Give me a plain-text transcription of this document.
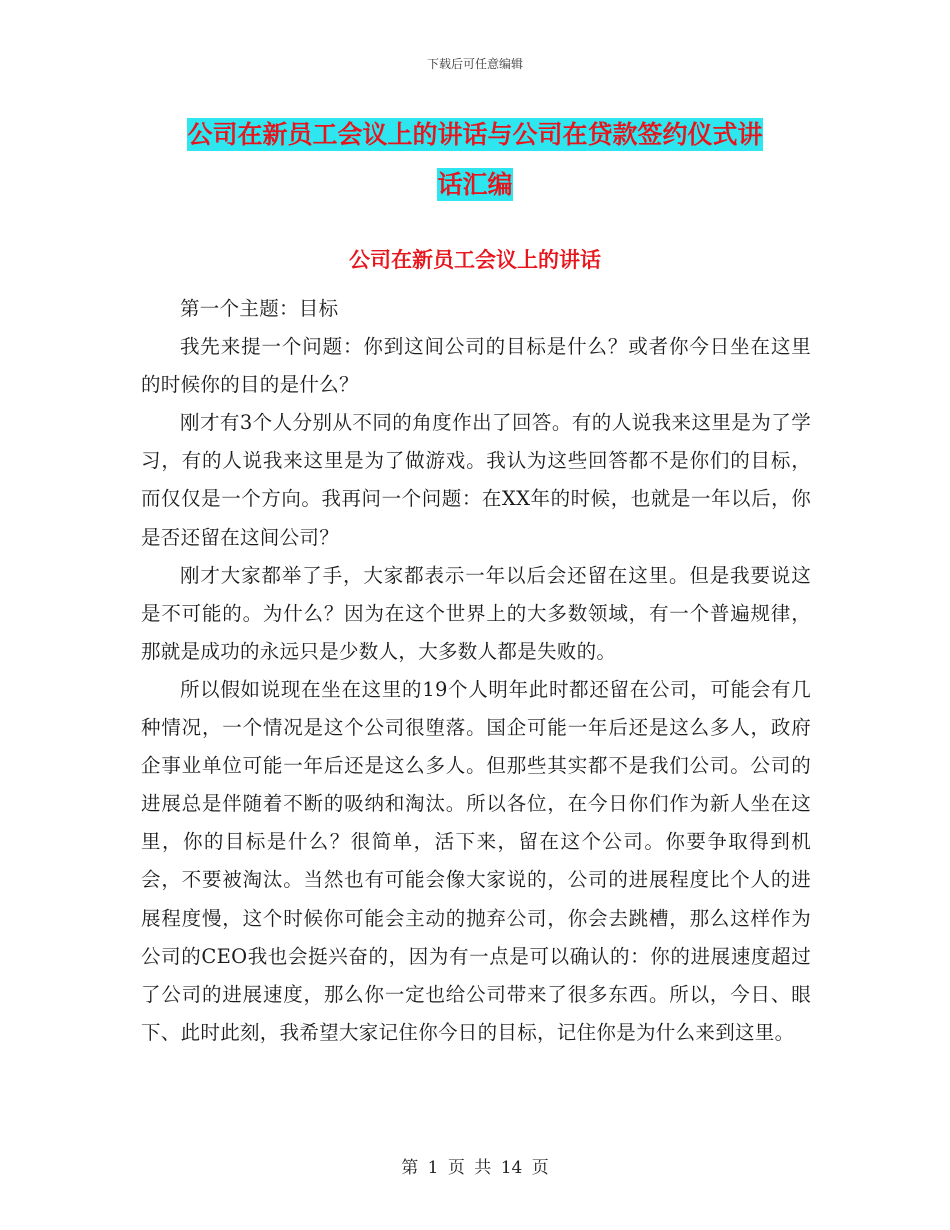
下载后可任意编辑
公司在新员工会议上的讲话与公司在贷款签约仪式讲
话汇编
公司在新员工会议上的讲话

第一个主题：目标

我先来提一个问题：你到这间公司的目标是什么？或者你今日坐在这里的时候你的目的是什么？

刚才有3个人分别从不同的角度作出了回答。有的人说我来这里是为了学习，有的人说我来这里是为了做游戏。我认为这些回答都不是你们的目标，而仅仅是一个方向。我再问一个问题：在XX年的时候，也就是一年以后，你是否还留在这间公司？

刚才大家都举了手，大家都表示一年以后会还留在这里。但是我要说这是不可能的。为什么？因为在这个世界上的大多数领域，有一个普遍规律，那就是成功的永远只是少数人，大多数人都是失败的。

所以假如说现在坐在这里的19个人明年此时都还留在公司，可能会有几种情况，一个情况是这个公司很堕落。国企可能一年后还是这么多人，政府企事业单位可能一年后还是这么多人。但那些其实都不是我们公司。公司的进展总是伴随着不断的吸纳和淘汰。所以各位，在今日你们作为新人坐在这里，你的目标是什么？很简单，活下来，留在这个公司。你要争取得到机会，不要被淘汰。当然也有可能会像大家说的，公司的进展程度比个人的进展程度慢，这个时候你可能会主动的抛弃公司，你会去跳槽，那么这样作为公司的CEO我也会挺兴奋的，因为有一点是可以确认的：你的进展速度超过了公司的进展速度，那么你一定也给公司带来了很多东西。所以，今日、眼下、此时此刻，我希望大家记住你今日的目标，记住你是为什么来到这里。

第 1 页 共 14 页
